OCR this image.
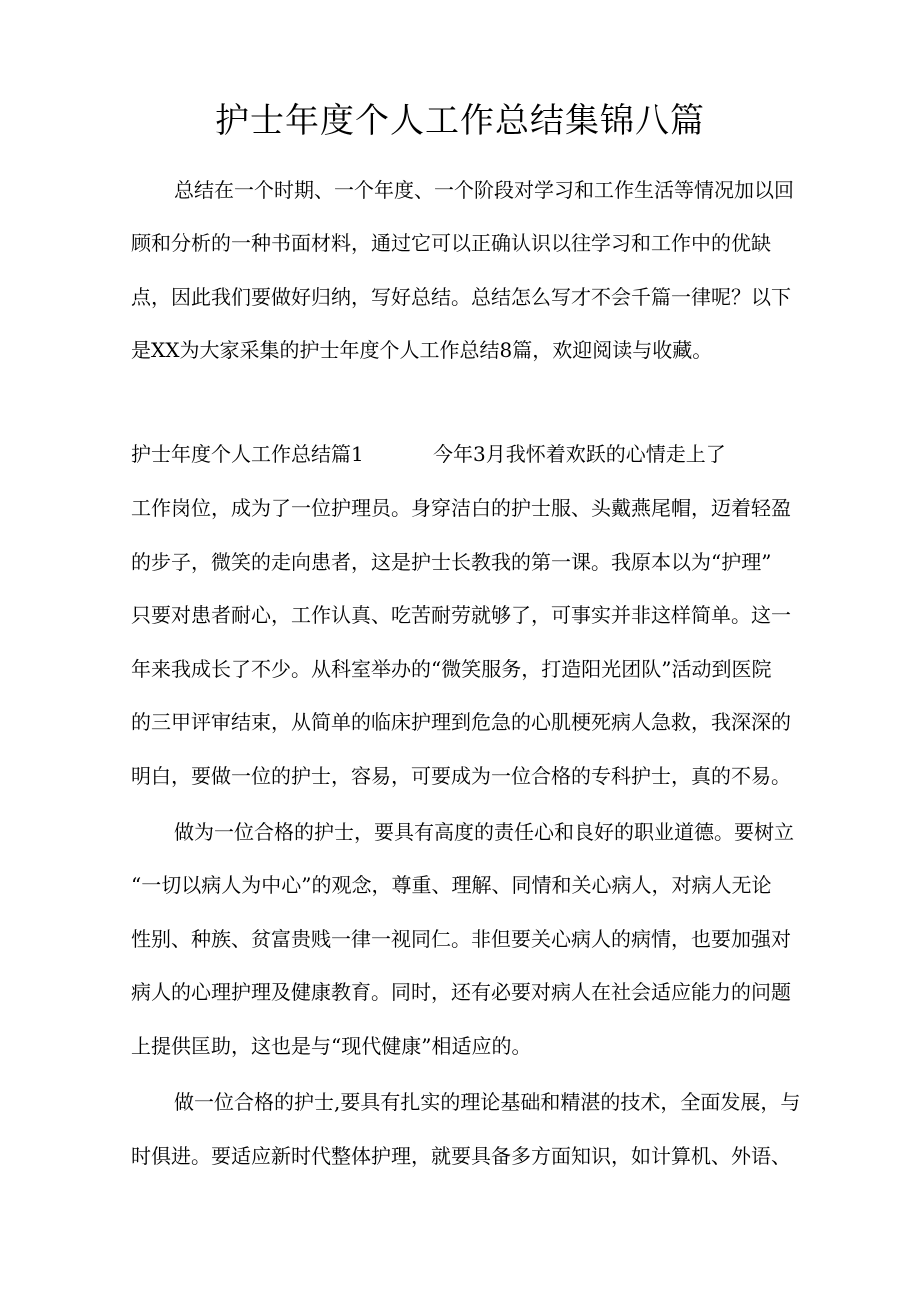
护士年度个人工作总结集锦八篇
总结在一个时期、一个年度、一个阶段对学习和工作生活等情况加以回
顾和分析的一种书面材料，通过它可以正确认识以往学习和工作中的优缺
点，因此我们要做好归纳，写好总结。总结怎么写才不会千篇一律呢？以下
是XX为大家采集的护士年度个人工作总结8篇，欢迎阅读与收藏。
护士年度个人工作总结篇1	今年3月我怀着欢跃的心情走上了
工作岗位，成为了一位护理员。身穿洁白的护士服、头戴燕尾帽，迈着轻盈
的步子，微笑的走向患者，这是护士长教我的第一课。我原本以为“护理”
只要对患者耐心，工作认真、吃苦耐劳就够了，可事实并非这样简单。这一
年来我成长了不少。从科室举办的“微笑服务，打造阳光团队”活动到医院
的三甲评审结束，从简单的临床护理到危急的心肌梗死病人急救，我深深的
明白，要做一位的护士，容易，可要成为一位合格的专科护士，真的不易。
做为一位合格的护士，要具有高度的责任心和良好的职业道德。要树立
“一切以病人为中心”的观念，尊重、理解、同情和关心病人，对病人无论
性别、种族、贫富贵贱一律一视同仁。非但要关心病人的病情，也要加强对
病人的心理护理及健康教育。同时，还有必要对病人在社会适应能力的问题
上提供匡助，这也是与“现代健康”相适应的。
做一位合格的护士,要具有扎实的理论基础和精湛的技术，全面发展，与
时俱进。要适应新时代整体护理，就要具备多方面知识，如计算机、外语、
